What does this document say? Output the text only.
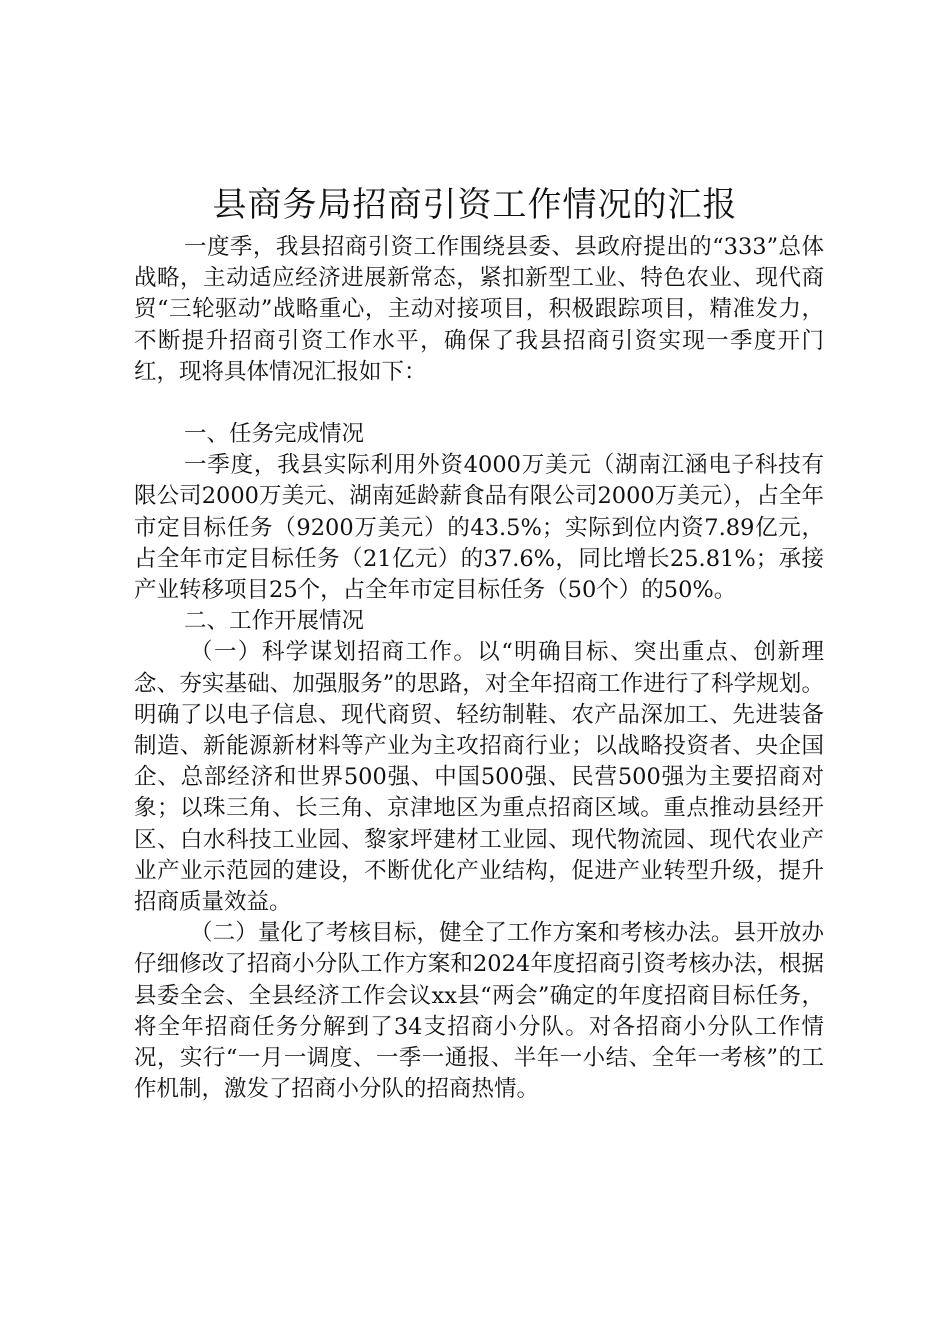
县商务局招商引资工作情况的汇报

一度季，我县招商引资工作围绕县委、县政府提出的“333”总体战略，主动适应经济进展新常态，紧扣新型工业、特色农业、现代商贸“三轮驱动”战略重心，主动对接项目，积极跟踪项目，精准发力，不断提升招商引资工作水平，确保了我县招商引资实现一季度开门红，现将具体情况汇报如下：

一、任务完成情况

一季度，我县实际利用外资4000万美元（湖南江涵电子科技有限公司2000万美元、湖南延龄薪食品有限公司2000万美元），占全年市定目标任务（9200万美元）的43.5%；实际到位内资7.89亿元，占全年市定目标任务（21亿元）的37.6%，同比增长25.81%；承接产业转移项目25个，占全年市定目标任务（50个）的50%。

二、工作开展情况

（一）科学谋划招商工作。以“明确目标、突出重点、创新理念、夯实基础、加强服务”的思路，对全年招商工作进行了科学规划。明确了以电子信息、现代商贸、轻纺制鞋、农产品深加工、先进装备制造、新能源新材料等产业为主攻招商行业；以战略投资者、央企国企、总部经济和世界500强、中国500强、民营500强为主要招商对象；以珠三角、长三角、京津地区为重点招商区域。重点推动县经开区、白水科技工业园、黎家坪建材工业园、现代物流园、现代农业产业产业示范园的建设，不断优化产业结构，促进产业转型升级，提升招商质量效益。

（二）量化了考核目标，健全了工作方案和考核办法。县开放办仔细修改了招商小分队工作方案和2024年度招商引资考核办法，根据县委全会、全县经济工作会议xx县“两会”确定的年度招商目标任务，将全年招商任务分解到了34支招商小分队。对各招商小分队工作情况，实行“一月一调度、一季一通报、半年一小结、全年一考核”的工作机制，激发了招商小分队的招商热情。
